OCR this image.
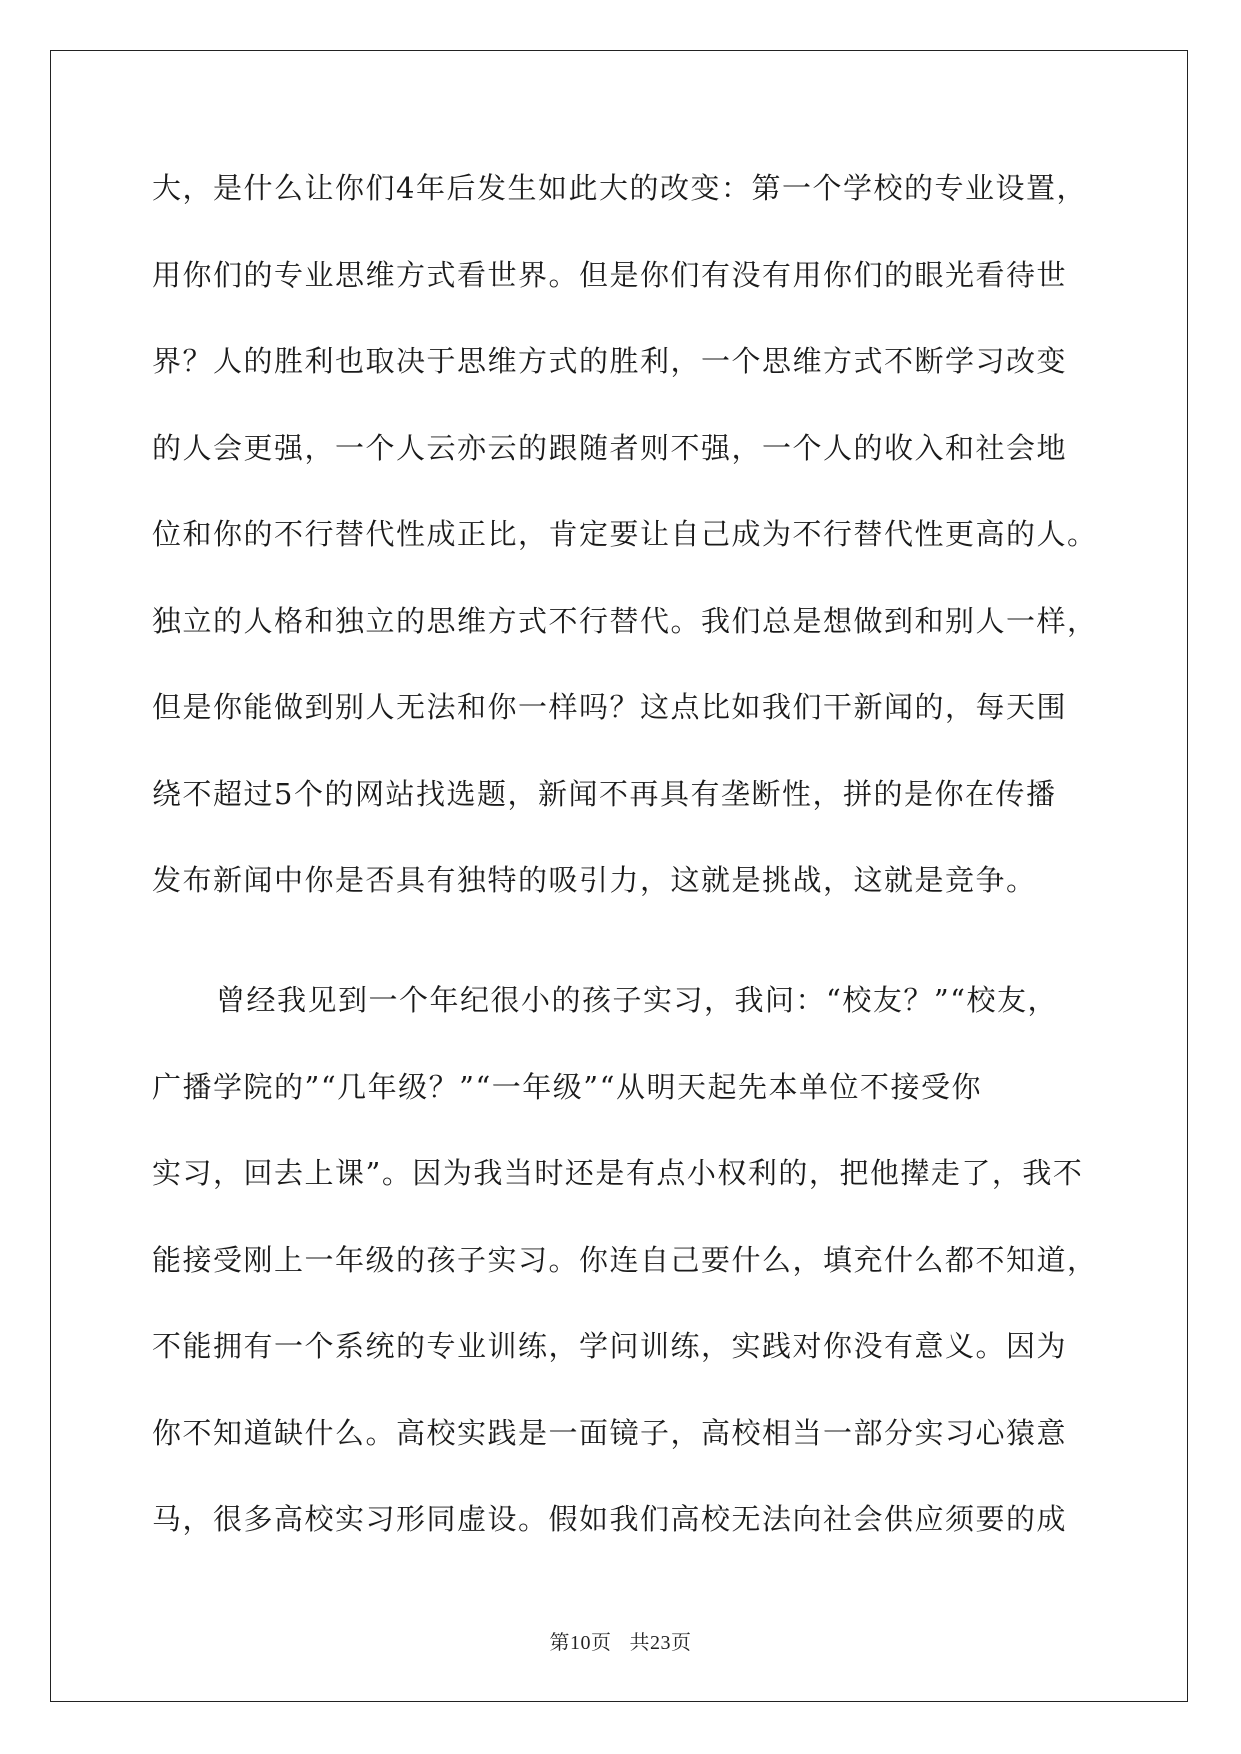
大，是什么让你们4年后发生如此大的改变：第一个学校的专业设置，
用你们的专业思维方式看世界。但是你们有没有用你们的眼光看待世
界？人的胜利也取决于思维方式的胜利，一个思维方式不断学习改变
的人会更强，一个人云亦云的跟随者则不强，一个人的收入和社会地
位和你的不行替代性成正比，肯定要让自己成为不行替代性更高的人。
独立的人格和独立的思维方式不行替代。我们总是想做到和别人一样，
但是你能做到别人无法和你一样吗？这点比如我们干新闻的，每天围
绕不超过5个的网站找选题，新闻不再具有垄断性，拼的是你在传播
发布新闻中你是否具有独特的吸引力，这就是挑战，这就是竞争。

曾经我见到一个年纪很小的孩子实习，我问：“校友？”“校友，
广播学院的”“几年级？”“一年级”“从明天起先本单位不接受你
实习，回去上课”。因为我当时还是有点小权利的，把他撵走了，我不
能接受刚上一年级的孩子实习。你连自己要什么，填充什么都不知道，
不能拥有一个系统的专业训练，学问训练，实践对你没有意义。因为
你不知道缺什么。高校实践是一面镜子，高校相当一部分实习心猿意
马，很多高校实习形同虚设。假如我们高校无法向社会供应须要的成

第10页 共23页
